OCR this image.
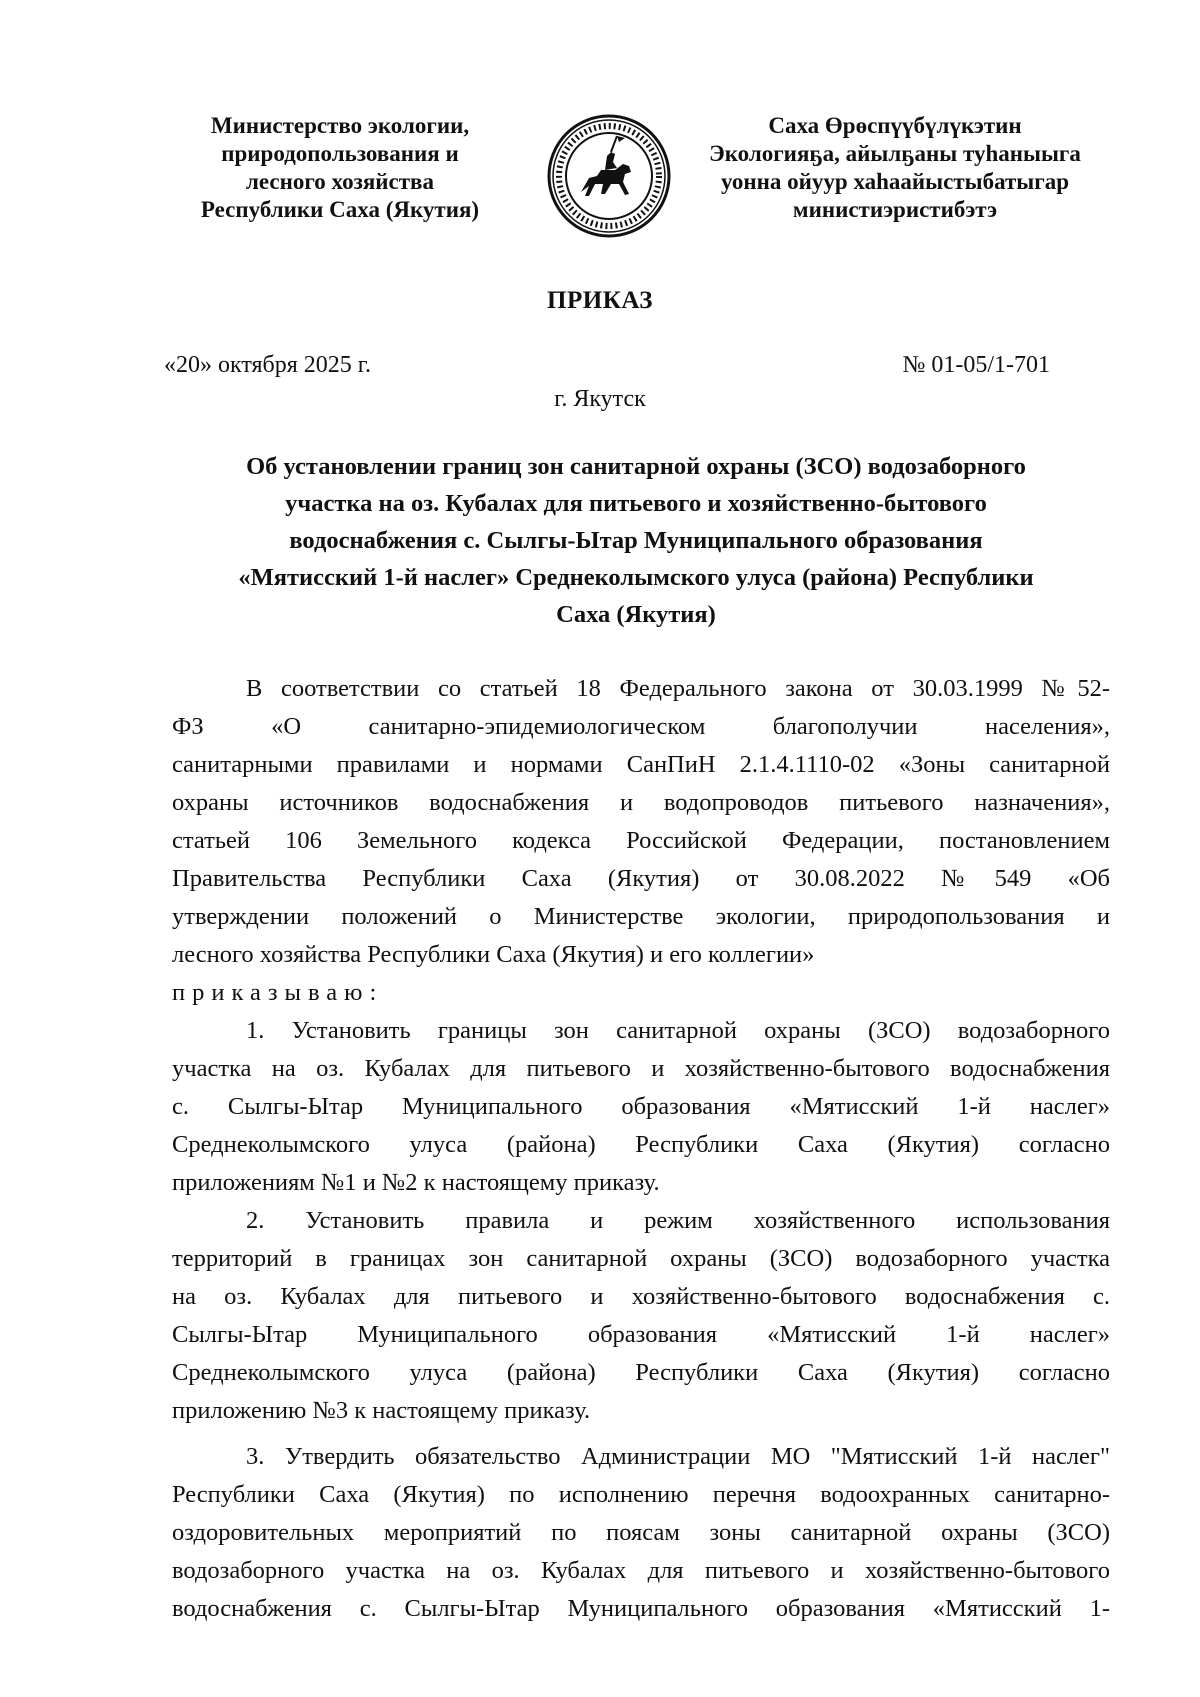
Министерство экологии,
природопользования и
лесного хозяйства
Республики Саха (Якутия)
Саха Өрөспүүбүлүкэтин
Экологияҕа, айылҕаны туһаныыга
уонна ойуур хаһаайыстыбатыгар
министиэристибэтэ
ПРИКАЗ
«20» октября 2025 г.	№ 01-05/1-701
г. Якутск
Об установлении границ зон санитарной охраны (ЗСО) водозаборного
участка на оз. Кубалах для питьевого и хозяйственно-бытового
водоснабжения с. Сылгы-Ытар Муниципального образования
«Мятисский 1-й наслег» Среднеколымского улуса (района) Республики
Саха (Якутия)
В соответствии со статьей 18 Федерального закона от 30.03.1999 №52-
ФЗ «О санитарно-эпидемиологическом благополучии населения»,
санитарными правилами и нормами СанПиН 2.1.4.1110-02 «Зоны санитарной
охраны источников водоснабжения и водопроводов питьевого назначения»,
статьей 106 Земельного кодекса Российской Федерации, постановлением
Правительства Республики Саха (Якутия) от 30.08.2022 №549 «Об
утверждении положений о Министерстве экологии, природопользования и
лесного хозяйства Республики Саха (Якутия) и его коллегии»
приказываю:
1. Установить границы зон санитарной охраны (ЗСО) водозаборного
участка на оз. Кубалах для питьевого и хозяйственно-бытового водоснабжения
с. Сылгы-Ытар Муниципального образования «Мятисский 1-й наслег»
Среднеколымского улуса (района) Республики Саха (Якутия) согласно
приложениям №1 и №2 к настоящему приказу.
2. Установить правила и режим хозяйственного использования
территорий в границах зон санитарной охраны (ЗСО) водозаборного участка
на оз. Кубалах для питьевого и хозяйственно-бытового водоснабжения с.
Сылгы-Ытар Муниципального образования «Мятисский 1-й наслег»
Среднеколымского улуса (района) Республики Саха (Якутия) согласно
приложению №3 к настоящему приказу.
3. Утвердить обязательство Администрации МО "Мятисский 1-й наслег"
Республики Саха (Якутия) по исполнению перечня водоохранных санитарно-
оздоровительных мероприятий по поясам зоны санитарной охраны (ЗСО)
водозаборного участка на оз. Кубалах для питьевого и хозяйственно-бытового
водоснабжения с. Сылгы-Ытар Муниципального образования «Мятисский 1-
